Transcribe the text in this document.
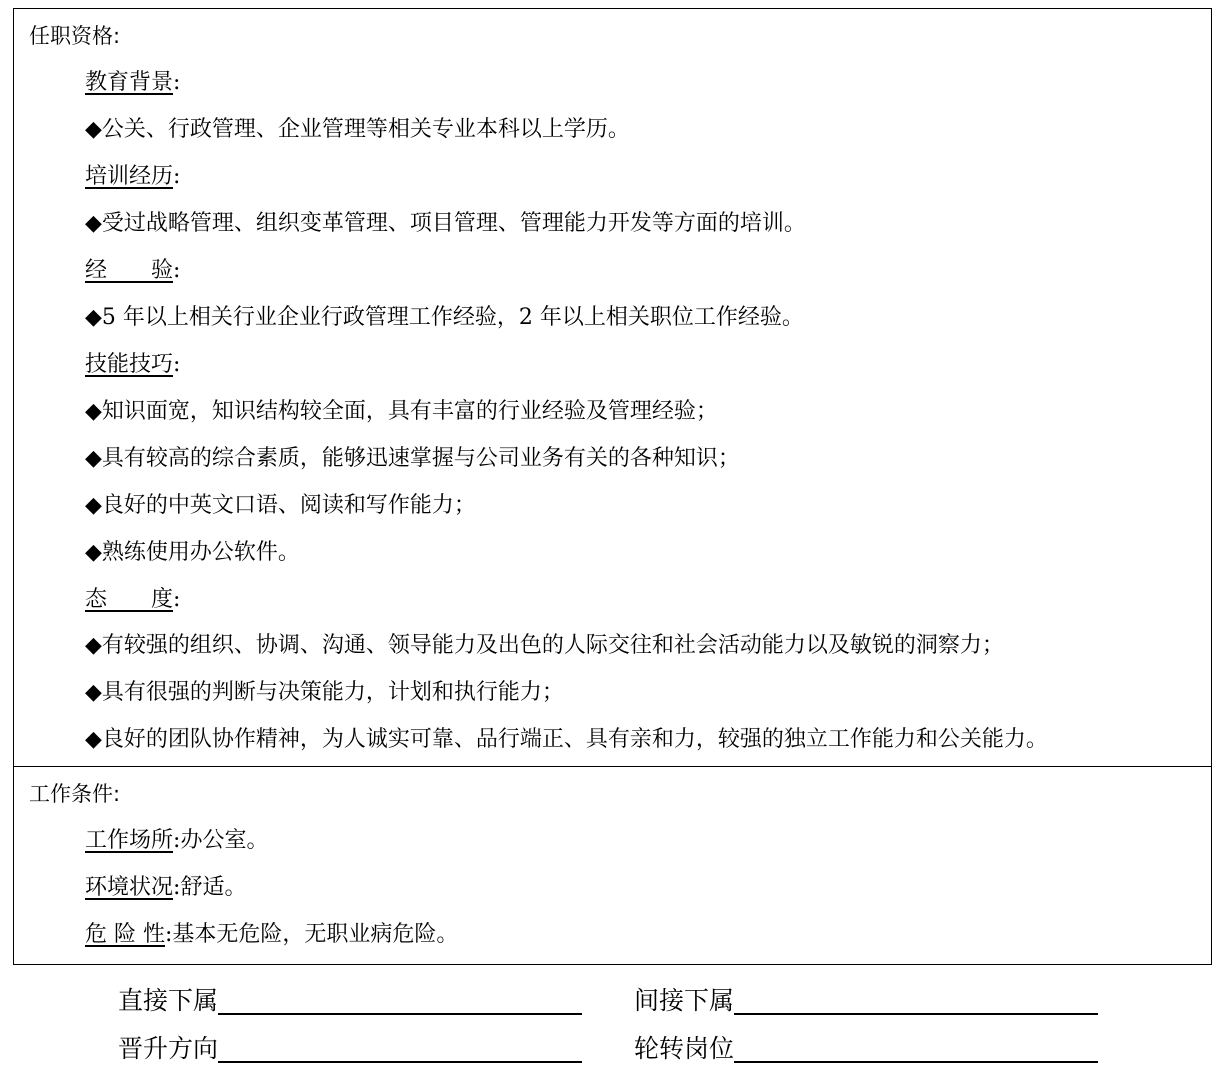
任职资格:
教育背景:
◆公关、行政管理、企业管理等相关专业本科以上学历。
培训经历:
◆受过战略管理、组织变革管理、项目管理、管理能力开发等方面的培训。
经　　验:
◆5 年以上相关行业企业行政管理工作经验，2 年以上相关职位工作经验。
技能技巧:
◆知识面宽，知识结构较全面，具有丰富的行业经验及管理经验；
◆具有较高的综合素质，能够迅速掌握与公司业务有关的各种知识；
◆良好的中英文口语、阅读和写作能力；
◆熟练使用办公软件。
态　　度:
◆有较强的组织、协调、沟通、领导能力及出色的人际交往和社会活动能力以及敏锐的洞察力；
◆具有很强的判断与决策能力，计划和执行能力；
◆良好的团队协作精神，为人诚实可靠、品行端正、具有亲和力，较强的独立工作能力和公关能力。
工作条件:
工作场所:办公室。
环境状况:舒适。
危 险 性:基本无危险，无职业病危险。
直接下属	间接下属
晋升方向	轮转岗位
